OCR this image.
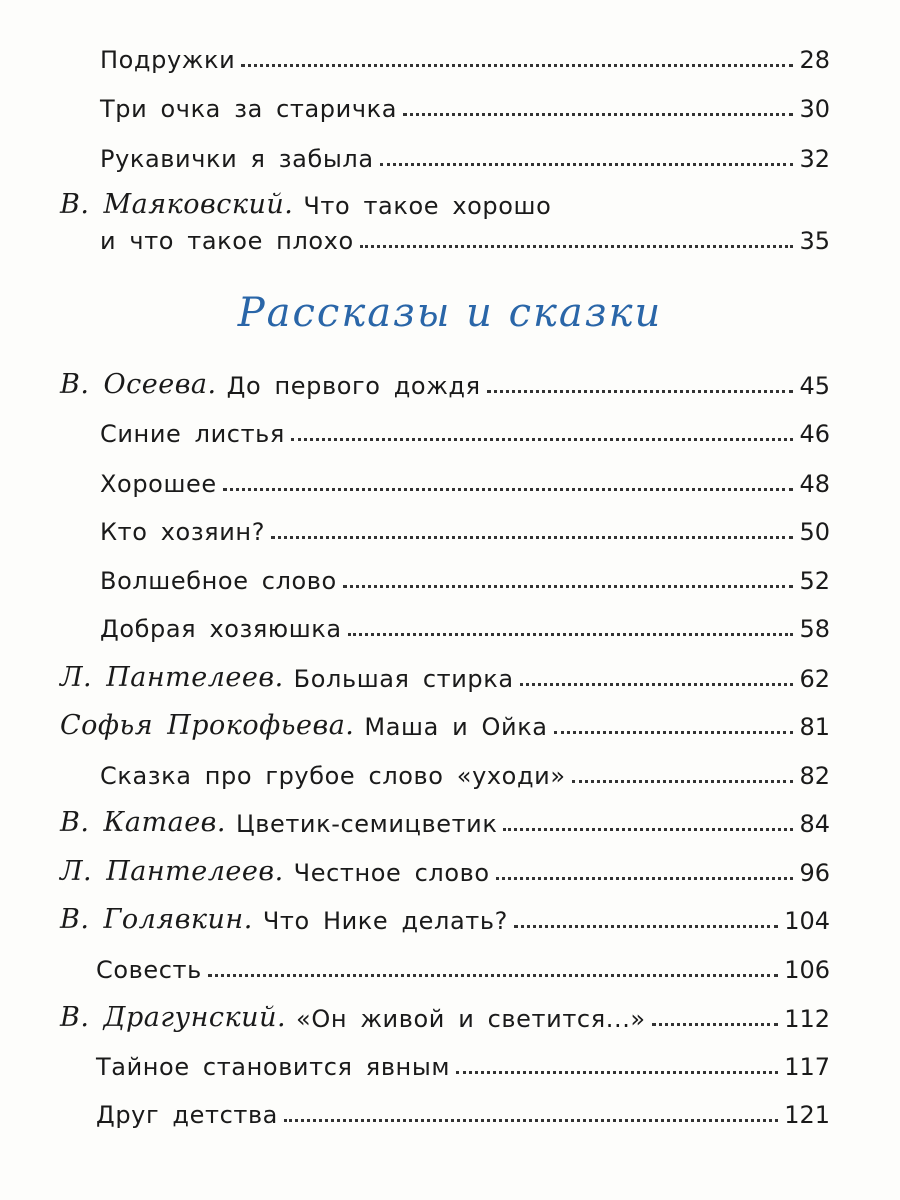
Подружки	28
Три очка за старичка	30
Рукавички я забыла	32
В. Маяковский. Что такое хорошо
и что такое плохо	35
Рассказы и сказки
В. Осеева. До первого дождя	45
Синие листья	46
Хорошее	48
Кто хозяин?	50
Волшебное слово	52
Добрая хозяюшка	58
Л. Пантелеев. Большая стирка	62
Софья Прокофьева. Маша и Ойка	81
Сказка про грубое слово «уходи»	82
В. Катаев. Цветик-семицветик	84
Л. Пантелеев. Честное слово	96
В. Голявкин. Что Нике делать?	104
Совесть	106
В. Драгунский. «Он живой и светится...»	112
Тайное становится явным	117
Друг детства	121
